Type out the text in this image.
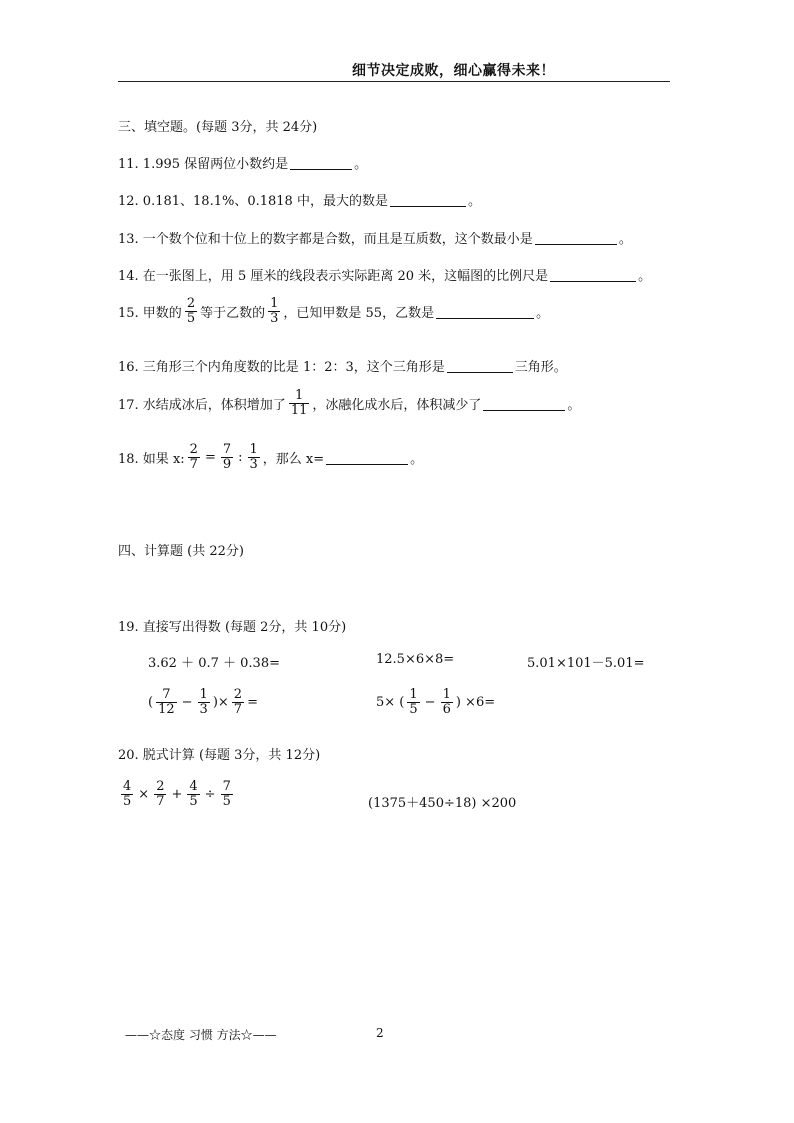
细节决定成败，细心赢得未来！
三、填空题。(每题 3分，共 24分)
11. 1.995 保留两位小数约是	。
12. 0.181、18.1%、0.1818 中，最大的数是	。
13. 一个数个位和十位上的数字都是合数，而且是互质数，这个数最小是	。
14. 在一张图上，用 5 厘米的线段表示实际距离 20 米，这幅图的比例尺是	。
15. 甲数的 $\frac{2}{5}$ 等于乙数的 $\frac{1}{3}$ ，已知甲数是 55，乙数是	。
16. 三角形三个内角度数的比是 1：2：3，这个三角形是	三角形。
17. 水结成冰后，体积增加了 $\frac{1}{11}$ ，冰融化成水后，体积减少了	。
18. 如果 x: $\frac{2}{7} = \frac{7}{9}$ : $\frac{1}{3}$ ，那么 x=	。
四、计算题 (共 22分)
19. 直接写出得数 (每题 2分，共 10分)
3.62 ＋ 0.7 ＋ 0.38=	12.5×6×8=	5.01×101－5.01=
( $\frac{7}{12} - \frac{1}{3}$ )× $\frac{2}{7}$ =	5× ( $\frac{1}{5} - \frac{1}{6}$ ) ×6=
20. 脱式计算 (每题 3分，共 12分)
$\frac{4}{5} \times \frac{2}{7} + \frac{4}{5} \div \frac{7}{5}$	(1375＋450÷18) ×200
——☆态度 习惯 方法☆——	2
